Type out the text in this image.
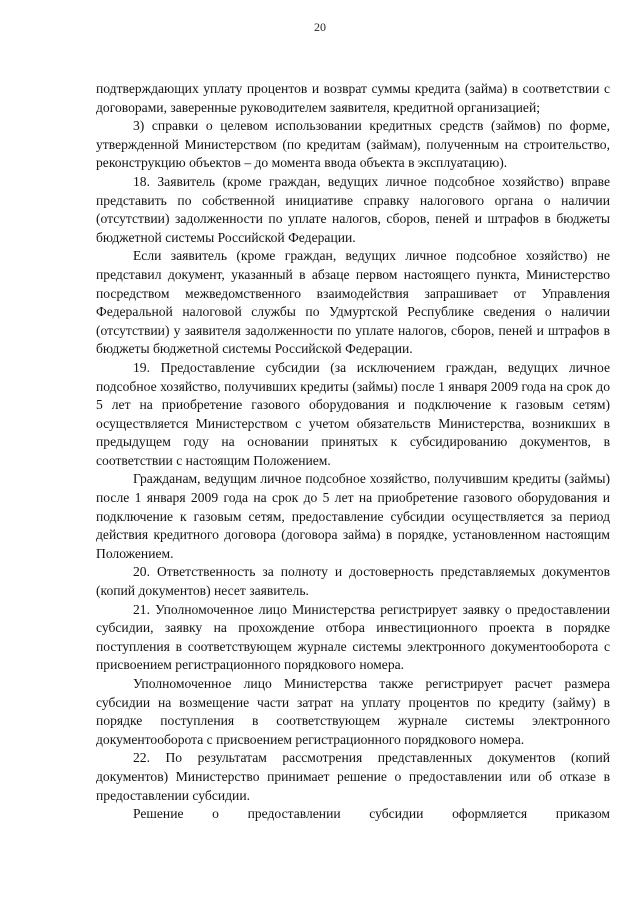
20

подтверждающих уплату процентов и возврат суммы кредита (займа) в соответствии с договорами, заверенные руководителем заявителя, кредитной организацией;

3) справки о целевом использовании кредитных средств (займов) по форме, утвержденной Министерством (по кредитам (займам), полученным на строительство, реконструкцию объектов – до момента ввода объекта в эксплуатацию).

18. Заявитель (кроме граждан, ведущих личное подсобное хозяйство) вправе представить по собственной инициативе справку налогового органа о наличии (отсутствии) задолженности по уплате налогов, сборов, пеней и штрафов в бюджеты бюджетной системы Российской Федерации.

Если заявитель (кроме граждан, ведущих личное подсобное хозяйство) не представил документ, указанный в абзаце первом настоящего пункта, Министерство посредством межведомственного взаимодействия запрашивает от Управления Федеральной налоговой службы по Удмуртской Республике сведения о наличии (отсутствии) у заявителя задолженности по уплате налогов, сборов, пеней и штрафов в бюджеты бюджетной системы Российской Федерации.

19. Предоставление субсидии (за исключением граждан, ведущих личное подсобное хозяйство, получивших кредиты (займы) после 1 января 2009 года на срок до 5 лет на приобретение газового оборудования и подключение к газовым сетям) осуществляется Министерством с учетом обязательств Министерства, возникших в предыдущем году на основании принятых к субсидированию документов, в соответствии с настоящим Положением.

Гражданам, ведущим личное подсобное хозяйство, получившим кредиты (займы) после 1 января 2009 года на срок до 5 лет на приобретение газового оборудования и подключение к газовым сетям, предоставление субсидии осуществляется за период действия кредитного договора (договора займа) в порядке, установленном настоящим Положением.

20. Ответственность за полноту и достоверность представляемых документов (копий документов) несет заявитель.

21. Уполномоченное лицо Министерства регистрирует заявку о предоставлении субсидии, заявку на прохождение отбора инвестиционного проекта в порядке поступления в соответствующем журнале системы электронного документооборота с присвоением регистрационного порядкового номера.

Уполномоченное лицо Министерства также регистрирует расчет размера субсидии на возмещение части затрат на уплату процентов по кредиту (займу) в порядке поступления в соответствующем журнале системы электронного документооборота с присвоением регистрационного порядкового номера.

22. По результатам рассмотрения представленных документов (копий документов) Министерство принимает решение о предоставлении или об отказе в предоставлении субсидии.

Решение о предоставлении субсидии оформляется приказом
